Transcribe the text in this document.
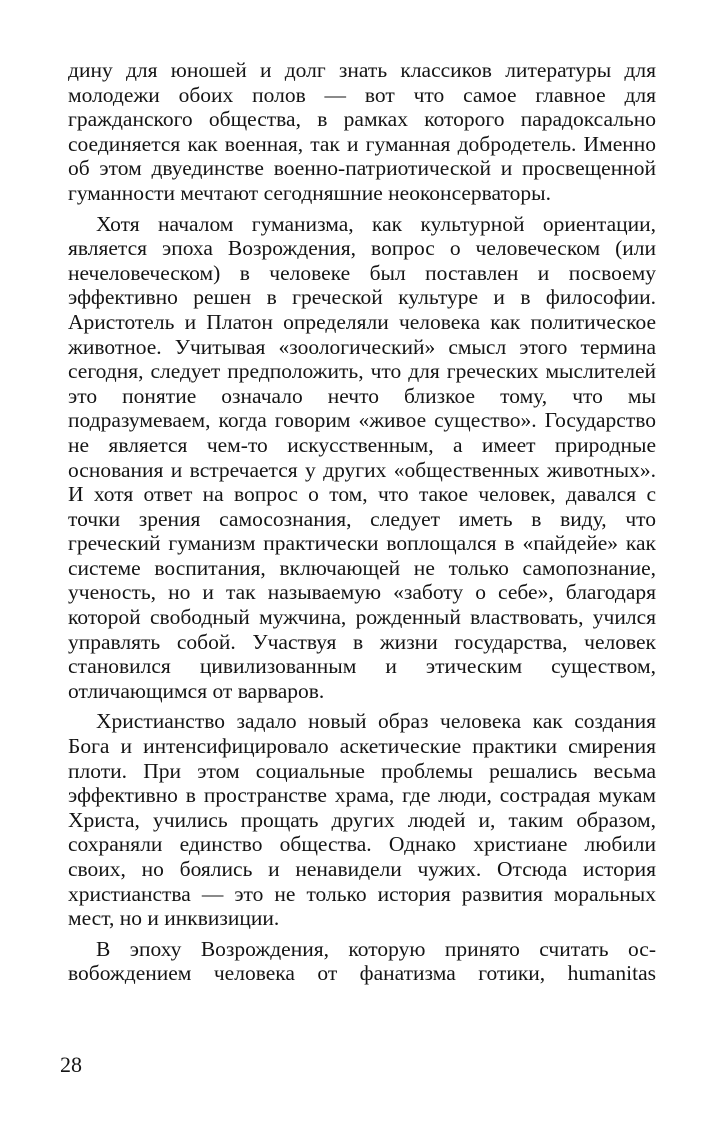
дину для юношей и долг знать классиков литературы для молодежи обоих полов — вот что самое главное для гражданского общества, в рамках которого парадоксально соединяется как военная, так и гуманная добродетель. Именно об этом двуединстве военно-патриотической и просвещенной гуманности мечтают сегодняшние неоконсерваторы.

Хотя началом гуманизма, как культурной ориентации, является эпоха Возрождения, вопрос о человеческом (или нечеловеческом) в человеке был поставлен и посвоему эффективно решен в греческой культуре и в философии. Аристотель и Платон определяли человека как политическое животное. Учитывая «зоологический» смысл этого термина сегодня, следует предположить, что для греческих мыслителей это понятие означало нечто близкое тому, что мы подразумеваем, когда говорим «живое существо». Государство не является чем-то искусственным, а имеет природные основания и встречается у других «общественных животных». И хотя ответ на вопрос о том, что такое человек, давался с точки зрения самосознания, следует иметь в виду, что греческий гуманизм практически воплощался в «пайдейе» как системе воспитания, включающей не только самопознание, ученость, но и так называемую «заботу о себе», благодаря которой свободный мужчина, рожденный властвовать, учился управлять собой. Участвуя в жизни государства, человек становился цивилизованным и этическим существом, отличающимся от варваров.

Христианство задало новый образ человека как создания Бога и интенсифицировало аскетические практики смирения плоти. При этом социальные проблемы решались весьма эффективно в пространстве храма, где люди, сострадая мукам Христа, учились прощать других людей и, таким образом, сохраняли единство общества. Однако христиане любили своих, но боялись и ненавидели чужих. Отсюда история христианства — это не только история развития моральных мест, но и инквизиции.

В эпоху Возрождения, которую принято считать освобождением человека от фанатизма готики, humanitas

28
